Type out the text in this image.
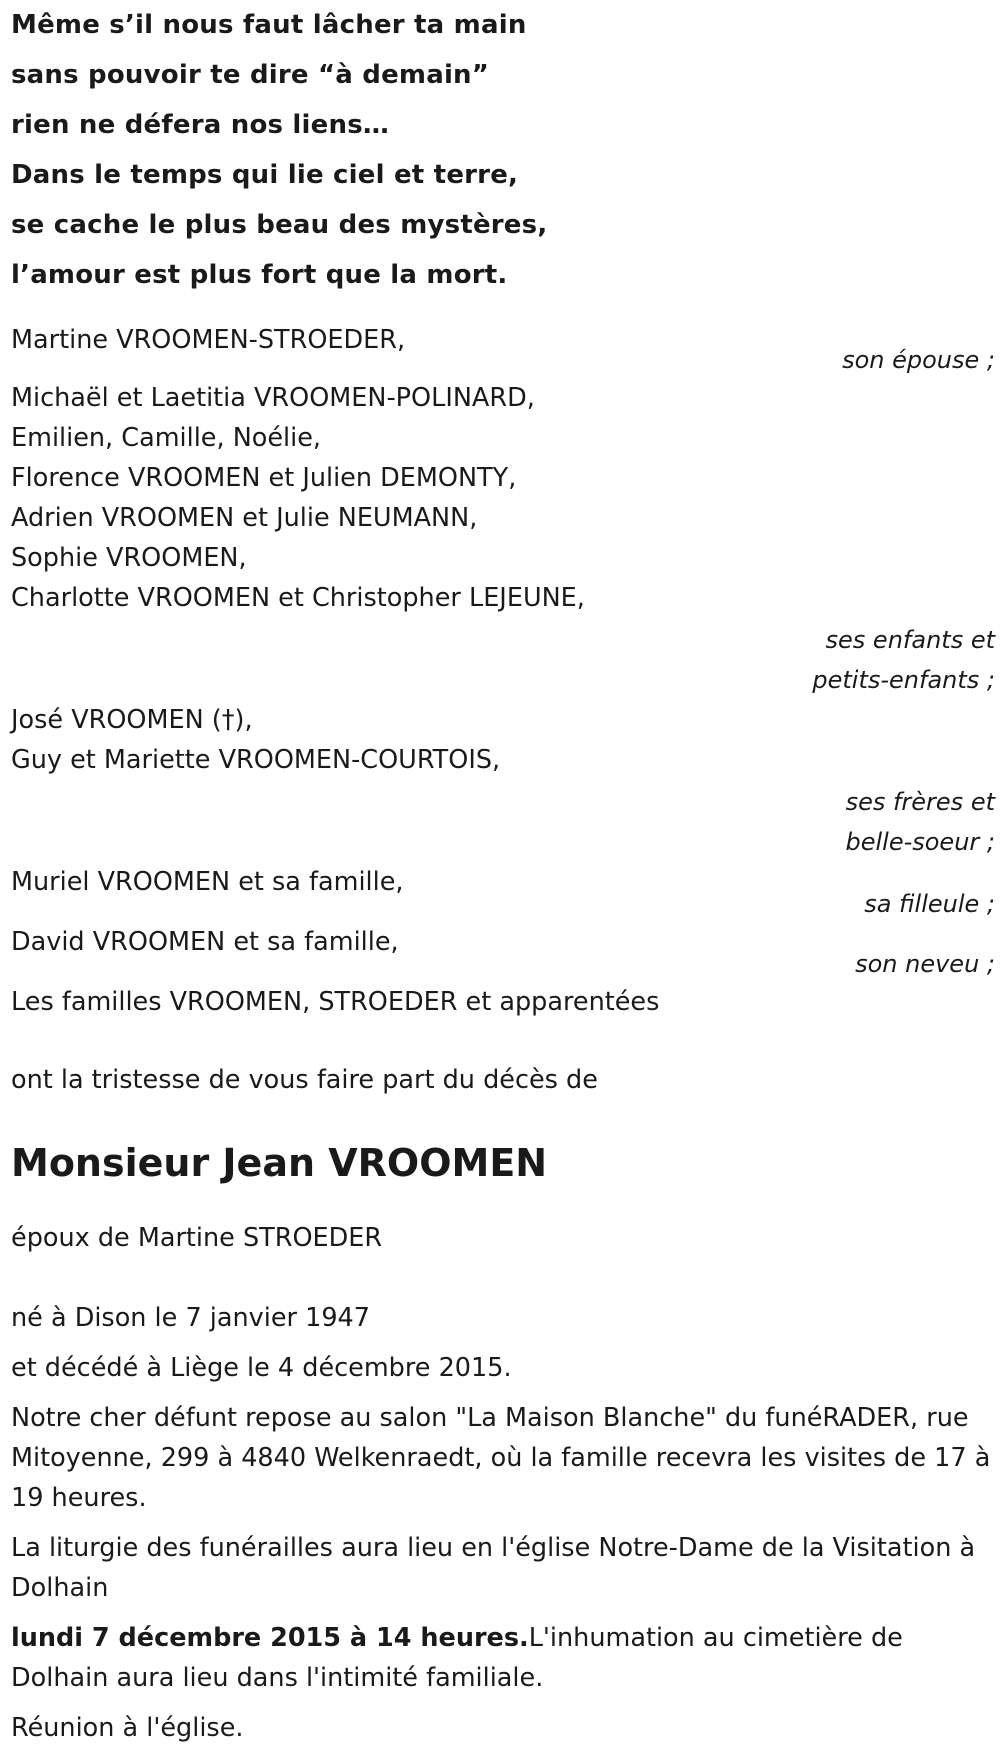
Même s’il nous faut lâcher ta main
sans pouvoir te dire “à demain”
rien ne défera nos liens…
Dans le temps qui lie ciel et terre,
se cache le plus beau des mystères,
l’amour est plus fort que la mort.
Martine VROOMEN-STROEDER,
son épouse ;
Michaël et Laetitia VROOMEN-POLINARD,
Emilien, Camille, Noélie,
Florence VROOMEN et Julien DEMONTY,
Adrien VROOMEN et Julie NEUMANN,
Sophie VROOMEN,
Charlotte VROOMEN et Christopher LEJEUNE,
ses enfants et
petits-enfants ;
José VROOMEN (†),
Guy et Mariette VROOMEN-COURTOIS,
ses frères et
belle-soeur ;
Muriel VROOMEN et sa famille,
sa filleule ;
David VROOMEN et sa famille,
son neveu ;
Les familles VROOMEN, STROEDER et apparentées
ont la tristesse de vous faire part du décès de
Monsieur Jean VROOMEN
époux de Martine STROEDER
né à Dison le 7 janvier 1947
et décédé à Liège le 4 décembre 2015.
Notre cher défunt repose au salon "La Maison Blanche" du funéRADER, rue Mitoyenne, 299 à 4840 Welkenraedt, où la famille recevra les visites de 17 à 19 heures.
La liturgie des funérailles aura lieu en l'église Notre-Dame de la Visitation à Dolhain
lundi 7 décembre 2015 à 14 heures.L'inhumation au cimetière de Dolhain aura lieu dans l'intimité familiale.
Réunion à l'église.
